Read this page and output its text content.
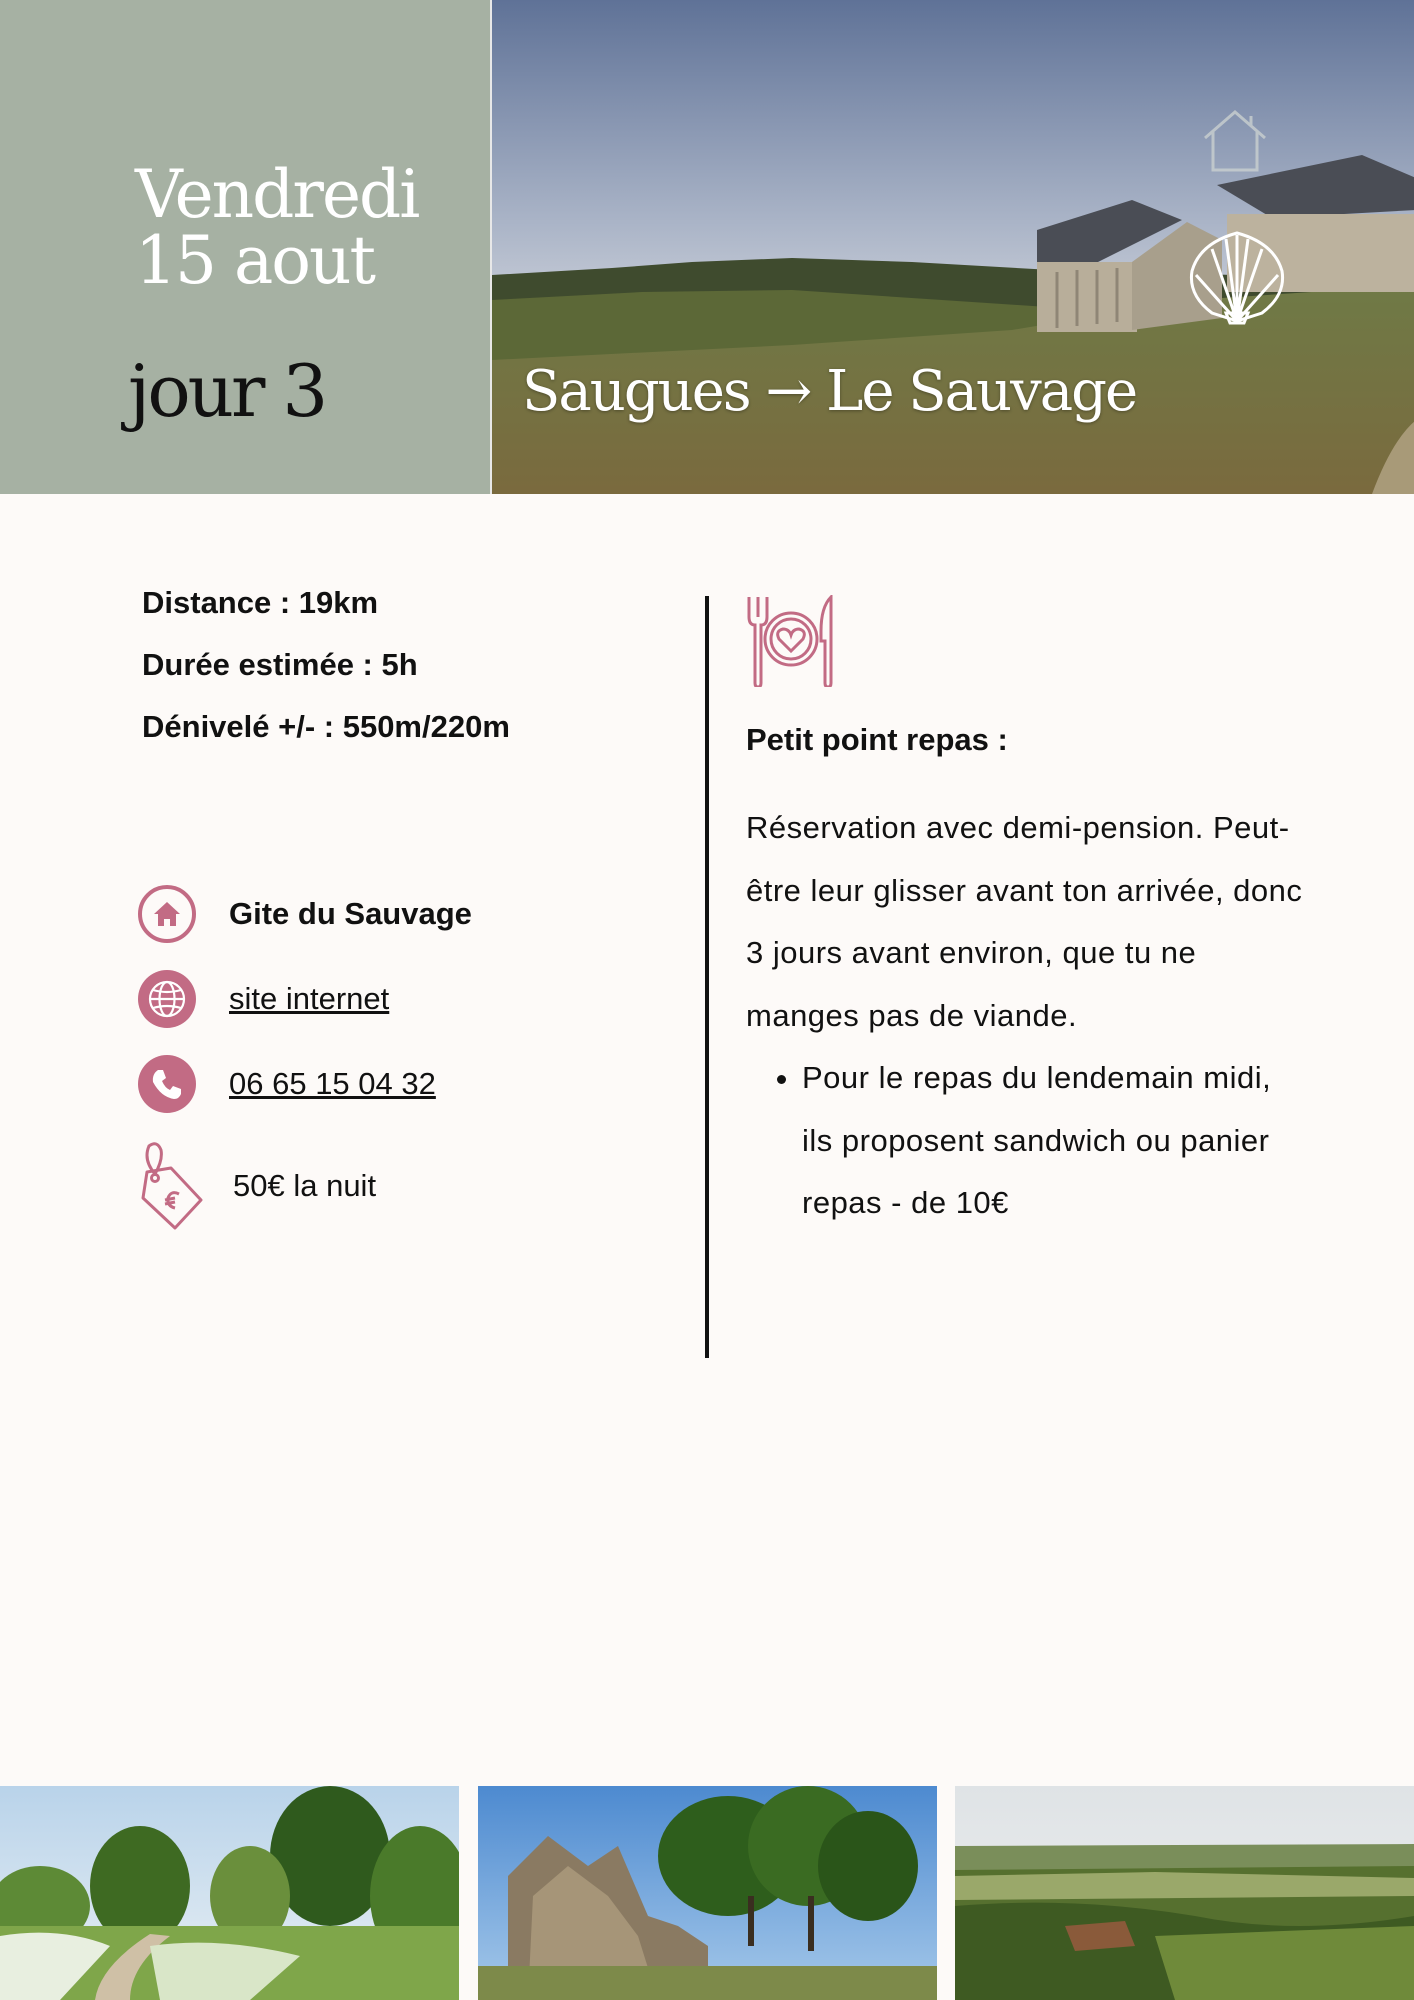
Vendredi
15 aout
jour 3	Saugues → Le Sauvage
Distance : 19km
Durée estimée : 5h
Dénivelé +/- : 550m/220m
Gite du Sauvage
site internet
06 65 15 04 32
50€ la nuit
Petit point repas :
Réservation avec demi-pension. Peut-être leur glisser avant ton arrivée, donc 3 jours avant environ, que tu ne manges pas de viande.
• Pour le repas du lendemain midi, ils proposent sandwich ou panier repas - de 10€
